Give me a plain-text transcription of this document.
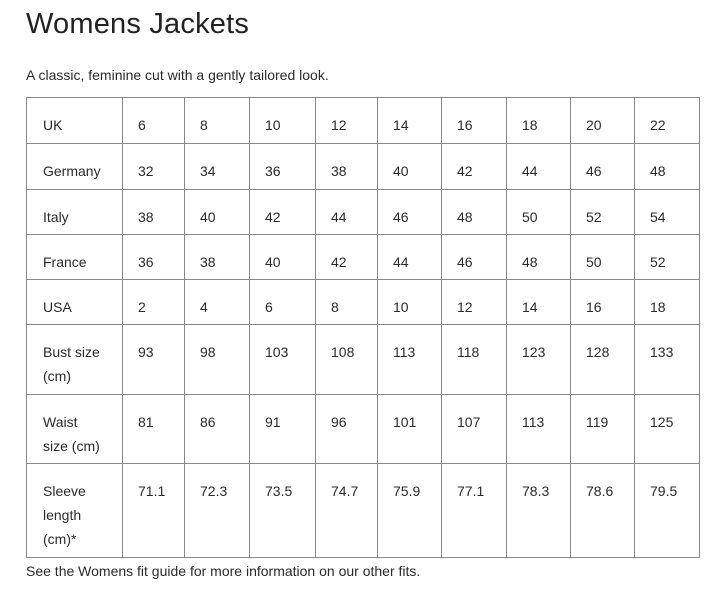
Womens Jackets
A classic, feminine cut with a gently tailored look.
UK	6	8	10	12	14	16	18	20	22
Germany	32	34	36	38	40	42	44	46	48
Italy	38	40	42	44	46	48	50	52	54
France	36	38	40	42	44	46	48	50	52
USA	2	4	6	8	10	12	14	16	18
Bust size (cm)	93	98	103	108	113	118	123	128	133
Waist size (cm)	81	86	91	96	101	107	113	119	125
Sleeve length (cm)*	71.1	72.3	73.5	74.7	75.9	77.1	78.3	78.6	79.5
See the Womens fit guide for more information on our other fits.
